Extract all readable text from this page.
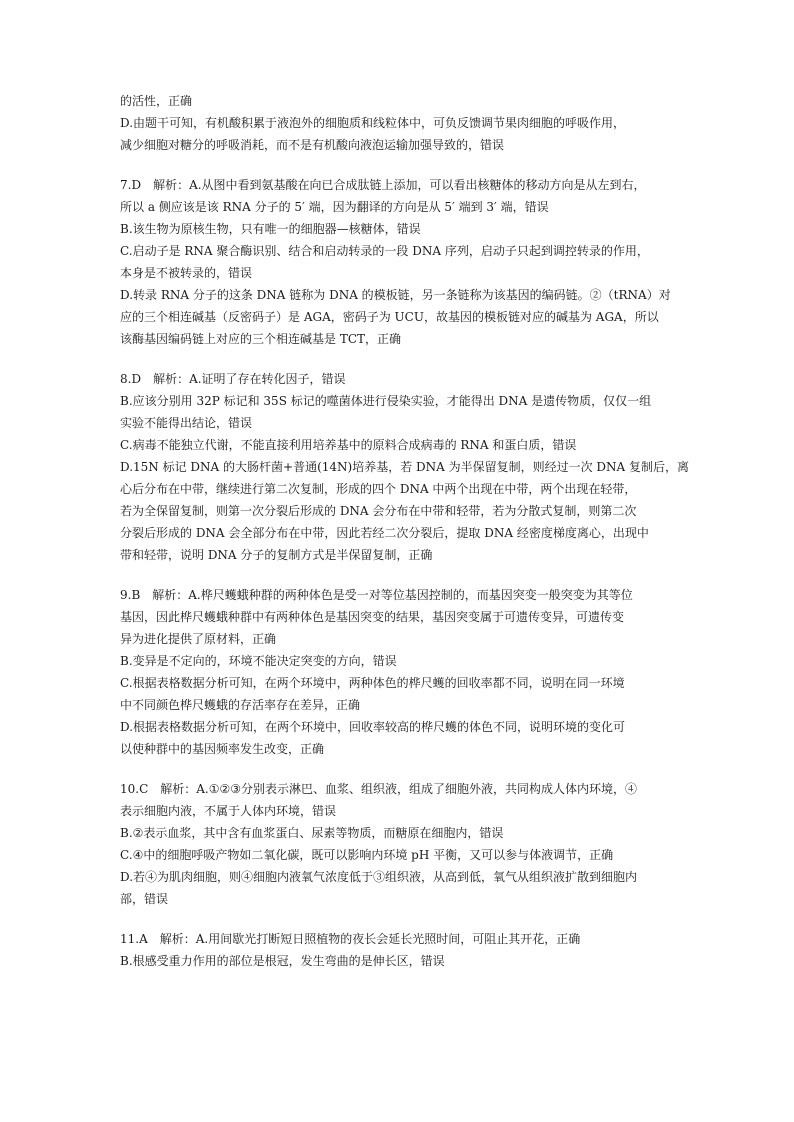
的活性，正确
D.由题干可知，有机酸积累于液泡外的细胞质和线粒体中，可负反馈调节果肉细胞的呼吸作用，
减少细胞对糖分的呼吸消耗，而不是有机酸向液泡运输加强导致的，错误
7.D　解析：A.从图中看到氨基酸在向已合成肽链上添加，可以看出核糖体的移动方向是从左到右，
所以 a 侧应该是该 RNA 分子的 5′ 端，因为翻译的方向是从 5′ 端到 3′ 端，错误
B.该生物为原核生物，只有唯一的细胞器—核糖体，错误
C.启动子是 RNA 聚合酶识别、结合和启动转录的一段 DNA 序列，启动子只起到调控转录的作用，
本身是不被转录的，错误
D.转录 RNA 分子的这条 DNA 链称为 DNA 的模板链，另一条链称为该基因的编码链。②（tRNA）对
应的三个相连碱基（反密码子）是 AGA，密码子为 UCU，故基因的模板链对应的碱基为 AGA，所以
该酶基因编码链上对应的三个相连碱基是 TCT，正确
8.D　解析：A.证明了存在转化因子，错误
B.应该分别用 32P 标记和 35S 标记的噬菌体进行侵染实验，才能得出 DNA 是遗传物质，仅仅一组
实验不能得出结论，错误
C.病毒不能独立代谢，不能直接利用培养基中的原料合成病毒的 RNA 和蛋白质，错误
D.15N 标记 DNA 的大肠杆菌+普通(14N)培养基，若 DNA 为半保留复制，则经过一次 DNA 复制后，离
心后分布在中带，继续进行第二次复制，形成的四个 DNA 中两个出现在中带，两个出现在轻带，
若为全保留复制，则第一次分裂后形成的 DNA 会分布在中带和轻带，若为分散式复制，则第二次
分裂后形成的 DNA 会全部分布在中带，因此若经二次分裂后，提取 DNA 经密度梯度离心，出现中
带和轻带，说明 DNA 分子的复制方式是半保留复制，正确
9.B　解析：A.桦尺蠖蛾种群的两种体色是受一对等位基因控制的，而基因突变一般突变为其等位
基因，因此桦尺蠖蛾种群中有两种体色是基因突变的结果，基因突变属于可遗传变异，可遗传变
异为进化提供了原材料，正确
B.变异是不定向的，环境不能决定突变的方向，错误
C.根据表格数据分析可知，在两个环境中，两种体色的桦尺蠖的回收率都不同，说明在同一环境
中不同颜色桦尺蠖蛾的存活率存在差异，正确
D.根据表格数据分析可知，在两个环境中，回收率较高的桦尺蠖的体色不同，说明环境的变化可
以使种群中的基因频率发生改变，正确
10.C　解析：A.①②③分别表示淋巴、血浆、组织液，组成了细胞外液，共同构成人体内环境，④
表示细胞内液，不属于人体内环境，错误
B.②表示血浆，其中含有血浆蛋白、尿素等物质，而糖原在细胞内，错误
C.④中的细胞呼吸产物如二氧化碳，既可以影响内环境 pH 平衡，又可以参与体液调节，正确
D.若④为肌肉细胞，则④细胞内液氧气浓度低于③组织液，从高到低，氧气从组织液扩散到细胞内
部，错误
11.A　解析：A.用间歇光打断短日照植物的夜长会延长光照时间，可阻止其开花，正确
B.根感受重力作用的部位是根冠，发生弯曲的是伸长区，错误
